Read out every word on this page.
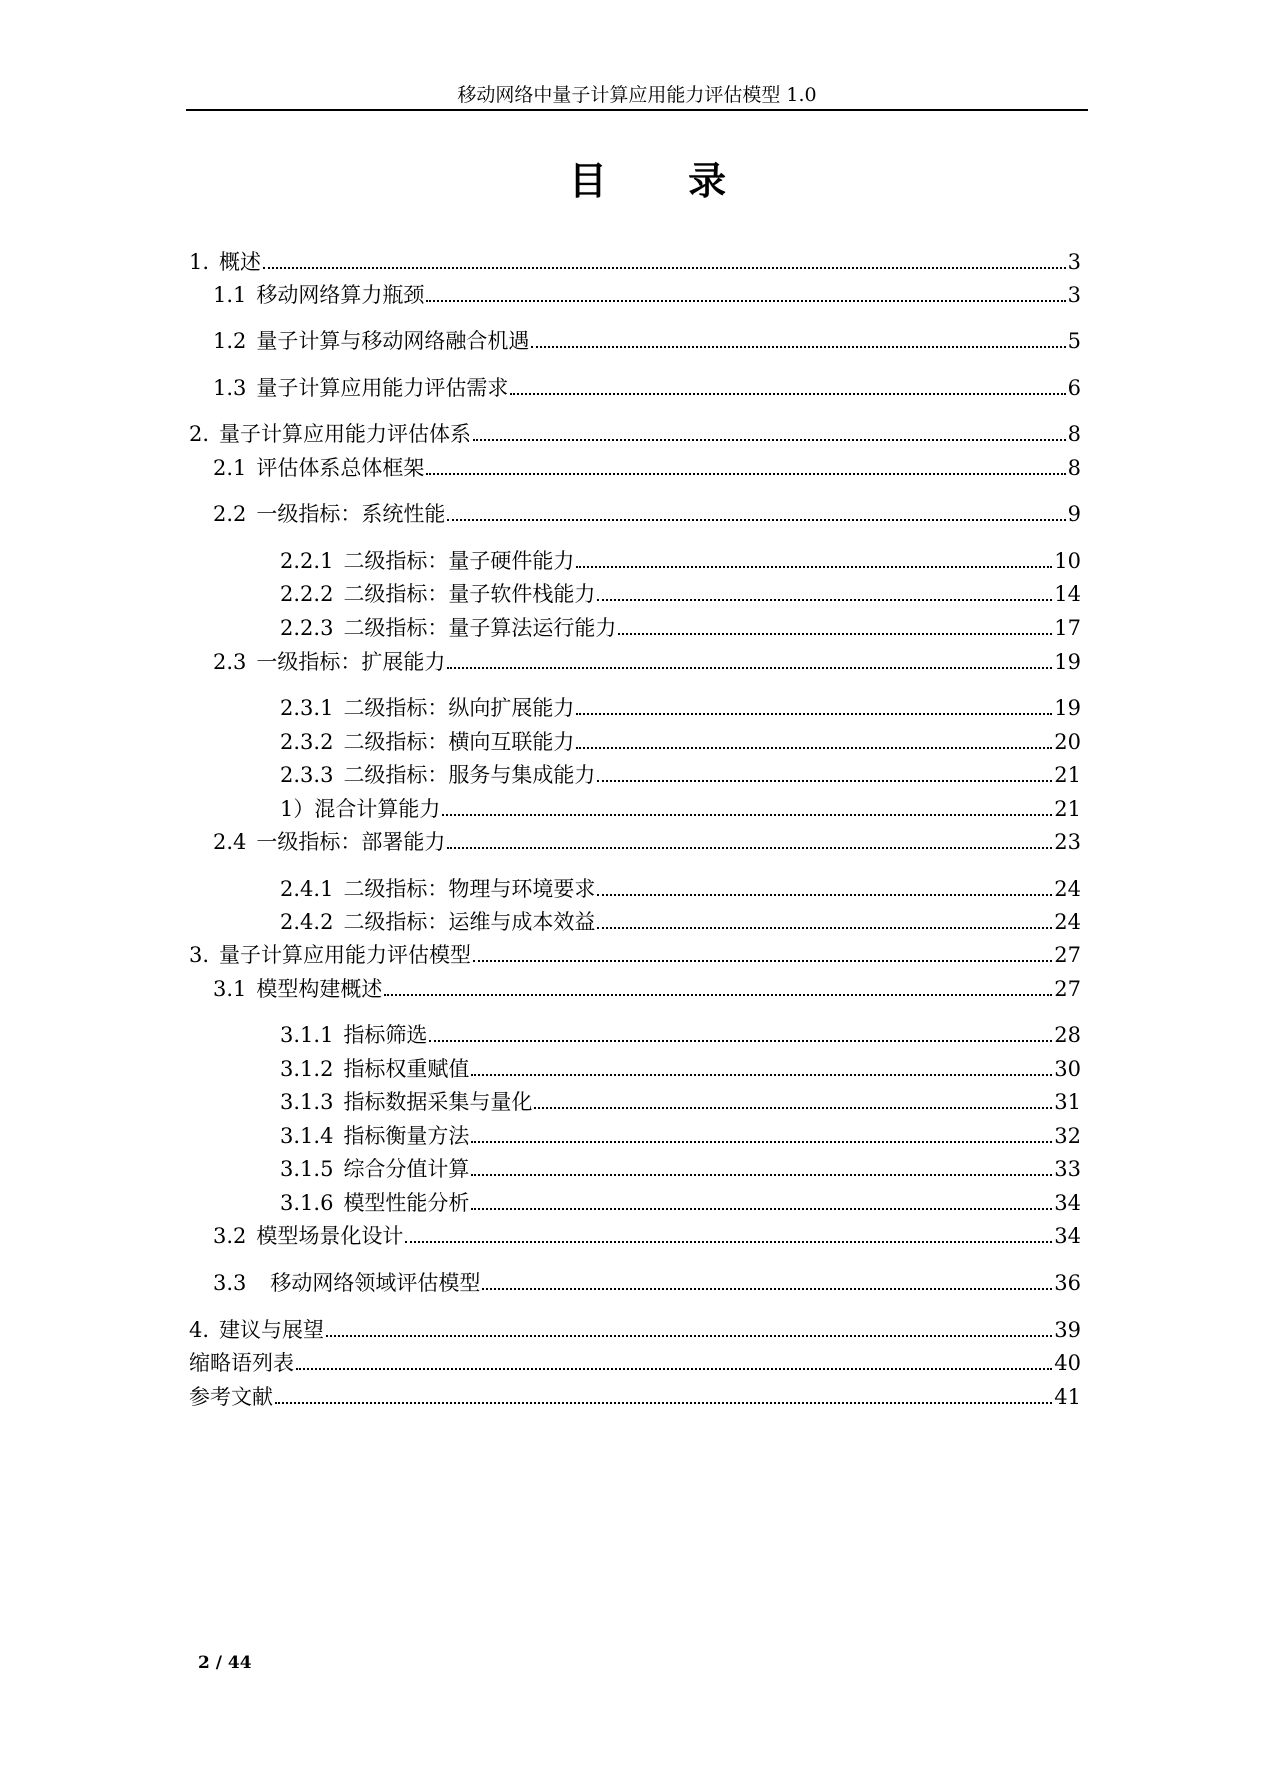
移动网络中量子计算应用能力评估模型 1.0
目 录
1. 概述	3
1.1 移动网络算力瓶颈	3
1.2 量子计算与移动网络融合机遇	5
1.3 量子计算应用能力评估需求	6
2. 量子计算应用能力评估体系	8
2.1 评估体系总体框架	8
2.2 一级指标：系统性能	9
2.2.1 二级指标：量子硬件能力	10
2.2.2 二级指标：量子软件栈能力	14
2.2.3 二级指标：量子算法运行能力	17
2.3 一级指标：扩展能力	19
2.3.1 二级指标：纵向扩展能力	19
2.3.2 二级指标：横向互联能力	20
2.3.3 二级指标：服务与集成能力	21
1） 混合计算能力	21
2.4 一级指标：部署能力	23
2.4.1 二级指标：物理与环境要求	24
2.4.2 二级指标：运维与成本效益	24
3. 量子计算应用能力评估模型	27
3.1 模型构建概述	27
3.1.1 指标筛选	28
3.1.2 指标权重赋值	30
3.1.3 指标数据采集与量化	31
3.1.4 指标衡量方法	32
3.1.5 综合分值计算	33
3.1.6 模型性能分析	34
3.2 模型场景化设计	34
3.3	移动网络领域评估模型	36
4. 建议与展望	39
缩略语列表	40
参考文献	41
2 / 44
